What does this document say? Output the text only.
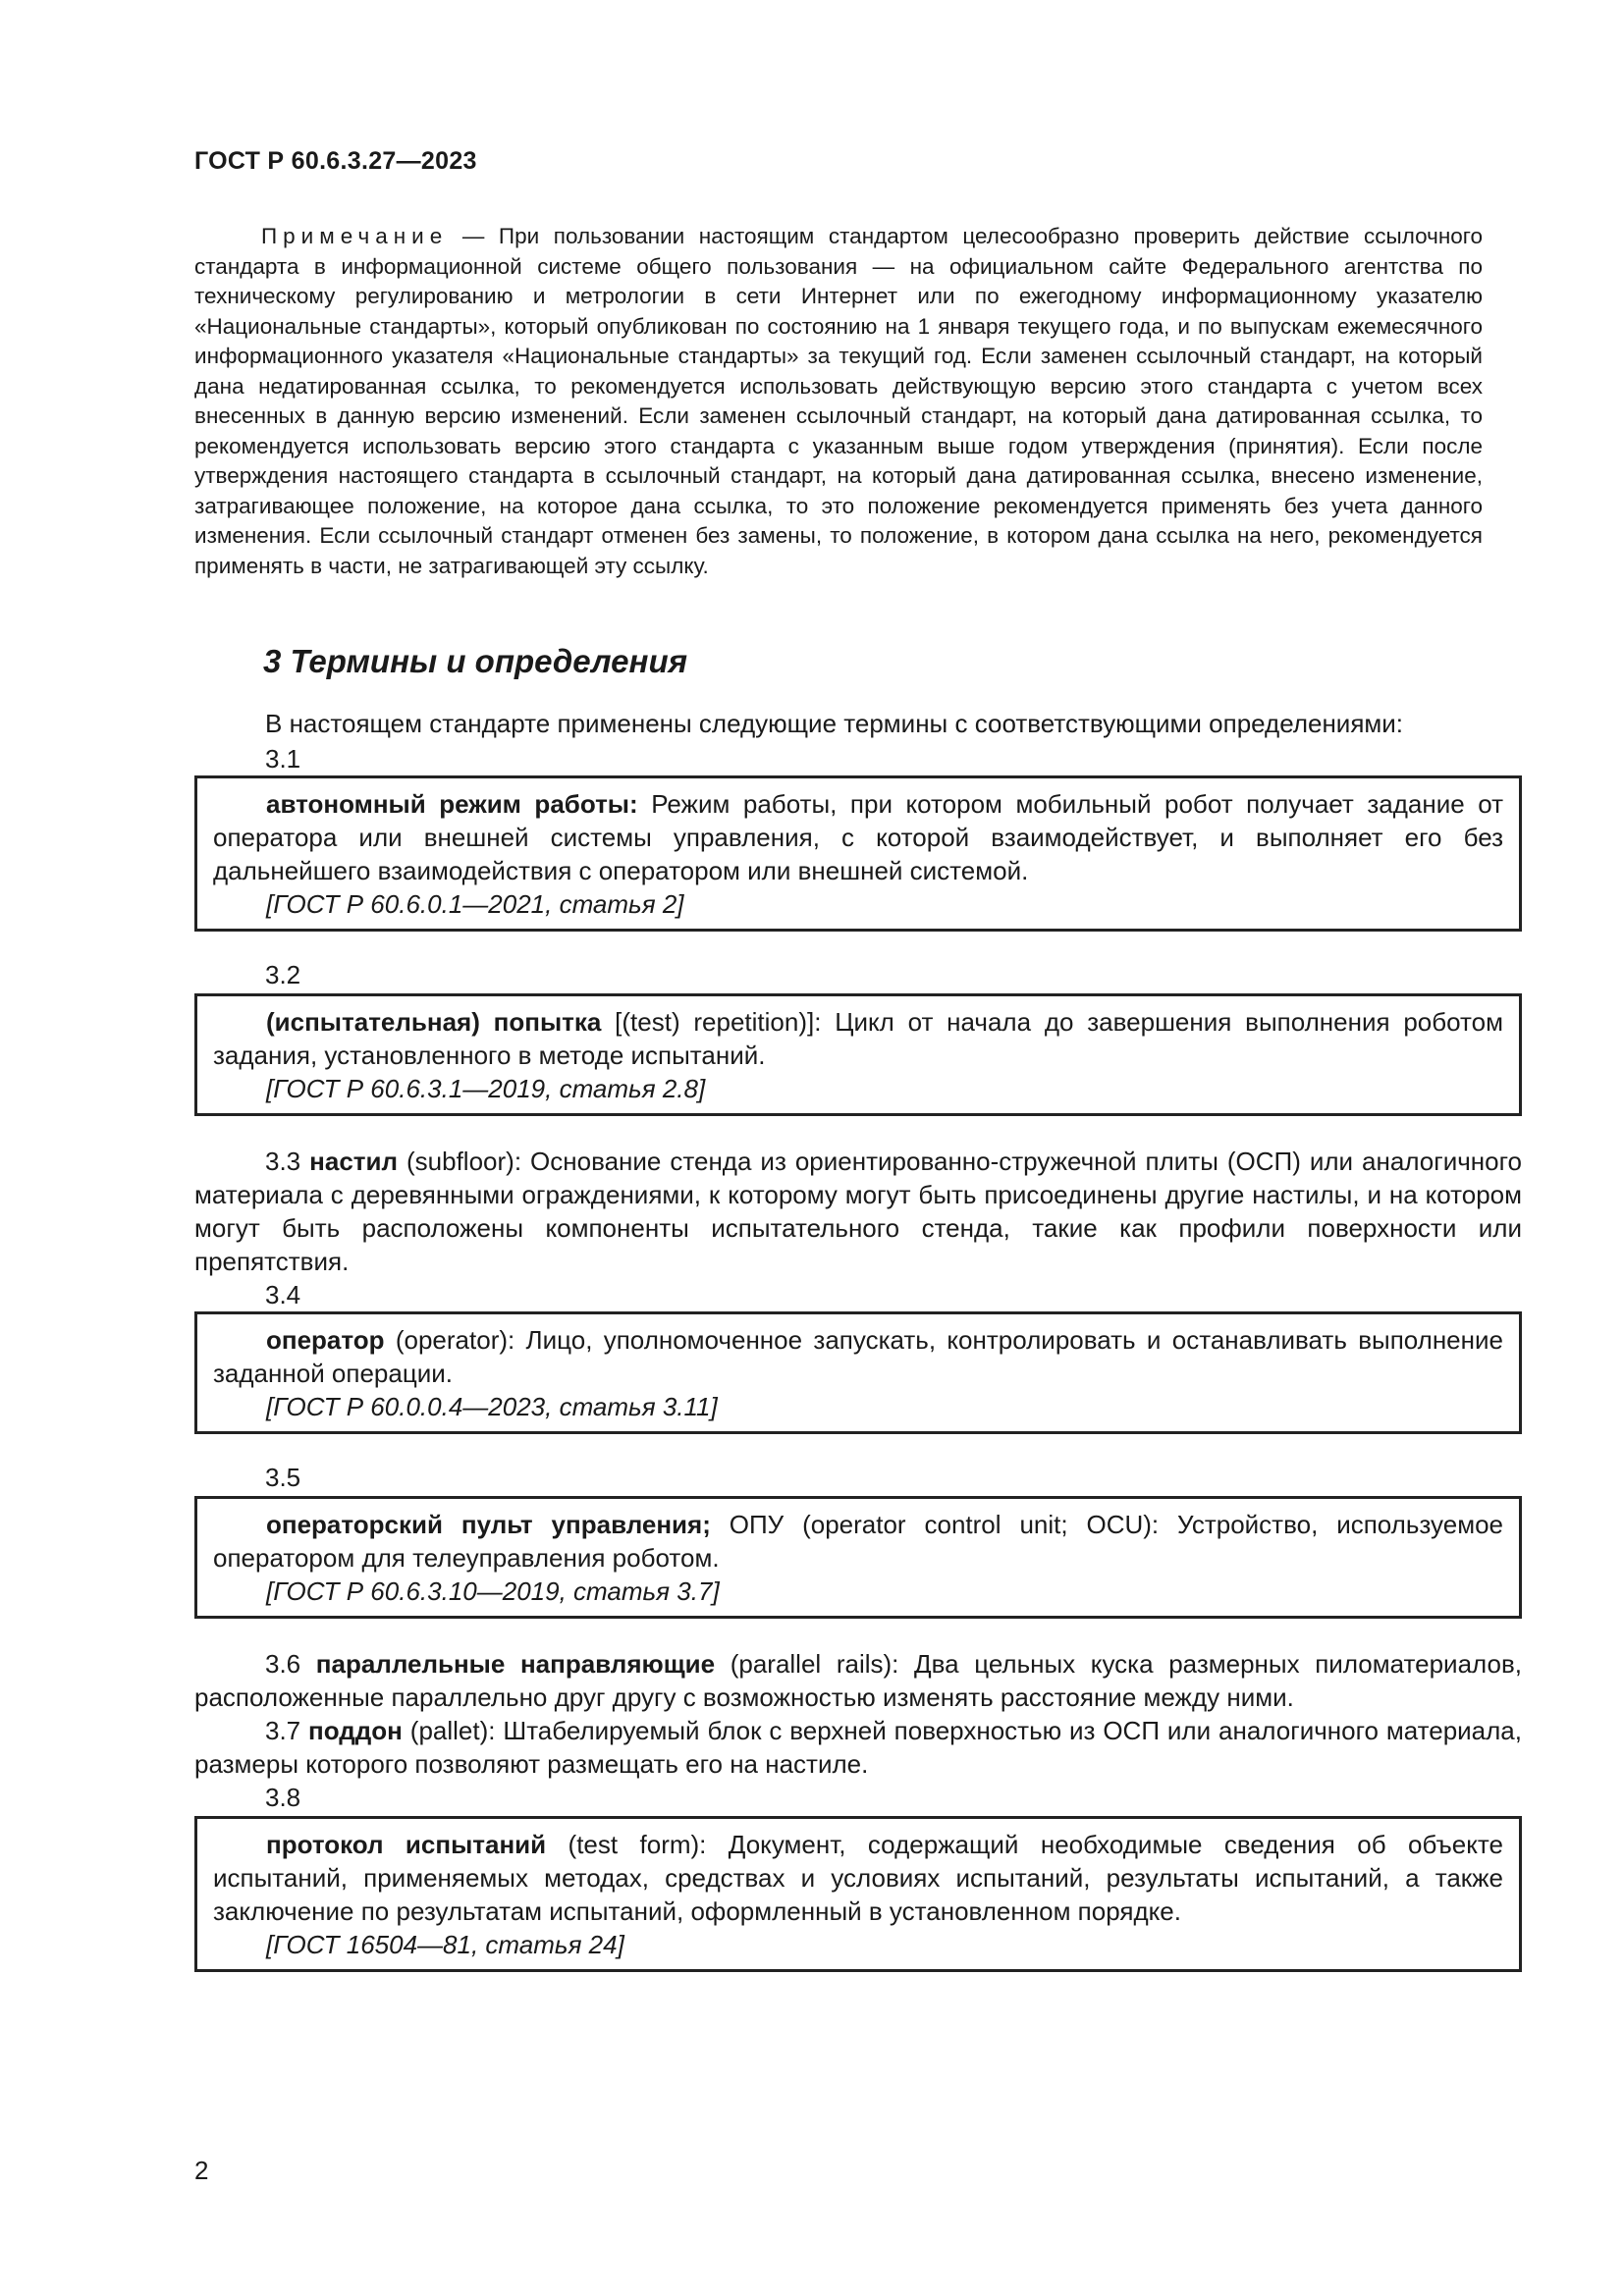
ГОСТ Р 60.6.3.27—2023

Примечание — При пользовании настоящим стандартом целесообразно проверить действие ссылочного стандарта в информационной системе общего пользования — на официальном сайте Федерального агентства по техническому регулированию и метрологии в сети Интернет или по ежегодному информационному указателю «Национальные стандарты», который опубликован по состоянию на 1 января текущего года, и по выпускам ежемесячного информационного указателя «Национальные стандарты» за текущий год. Если заменен ссылочный стандарт, на который дана недатированная ссылка, то рекомендуется использовать действующую версию этого стандарта с учетом всех внесенных в данную версию изменений. Если заменен ссылочный стандарт, на который дана датированная ссылка, то рекомендуется использовать версию этого стандарта с указанным выше годом утверждения (принятия). Если после утверждения настоящего стандарта в ссылочный стандарт, на который дана датированная ссылка, внесено изменение, затрагивающее положение, на которое дана ссылка, то это положение рекомендуется применять без учета данного изменения. Если ссылочный стандарт отменен без замены, то положение, в котором дана ссылка на него, рекомендуется применять в части, не затрагивающей эту ссылку.

3 Термины и определения

В настоящем стандарте применены следующие термины с соответствующими определениями:

3.1

автономный режим работы: Режим работы, при котором мобильный робот получает задание от оператора или внешней системы управления, с которой взаимодействует, и выполняет его без дальнейшего взаимодействия с оператором или внешней системой.

[ГОСТ Р 60.6.0.1—2021, статья 2]

3.2

(испытательная) попытка [(test) repetition)]: Цикл от начала до завершения выполнения роботом задания, установленного в методе испытаний.

[ГОСТ Р 60.6.3.1—2019, статья 2.8]

3.3 настил (subfloor): Основание стенда из ориентированно-стружечной плиты (ОСП) или аналогичного материала с деревянными ограждениями, к которому могут быть присоединены другие настилы, и на котором могут быть расположены компоненты испытательного стенда, такие как профили поверхности или препятствия.

3.4

оператор (operator): Лицо, уполномоченное запускать, контролировать и останавливать выполнение заданной операции.

[ГОСТ Р 60.0.0.4—2023, статья 3.11]

3.5

операторский пульт управления; ОПУ (operator control unit; OCU): Устройство, используемое оператором для телеуправления роботом.

[ГОСТ Р 60.6.3.10—2019, статья 3.7]

3.6 параллельные направляющие (parallel rails): Два цельных куска размерных пиломатериалов, расположенные параллельно друг другу с возможностью изменять расстояние между ними.

3.7 поддон (pallet): Штабелируемый блок с верхней поверхностью из ОСП или аналогичного материала, размеры которого позволяют размещать его на настиле.

3.8

протокол испытаний (test form): Документ, содержащий необходимые сведения об объекте испытаний, применяемых методах, средствах и условиях испытаний, результаты испытаний, а также заключение по результатам испытаний, оформленный в установленном порядке.

[ГОСТ 16504—81, статья 24]

2
